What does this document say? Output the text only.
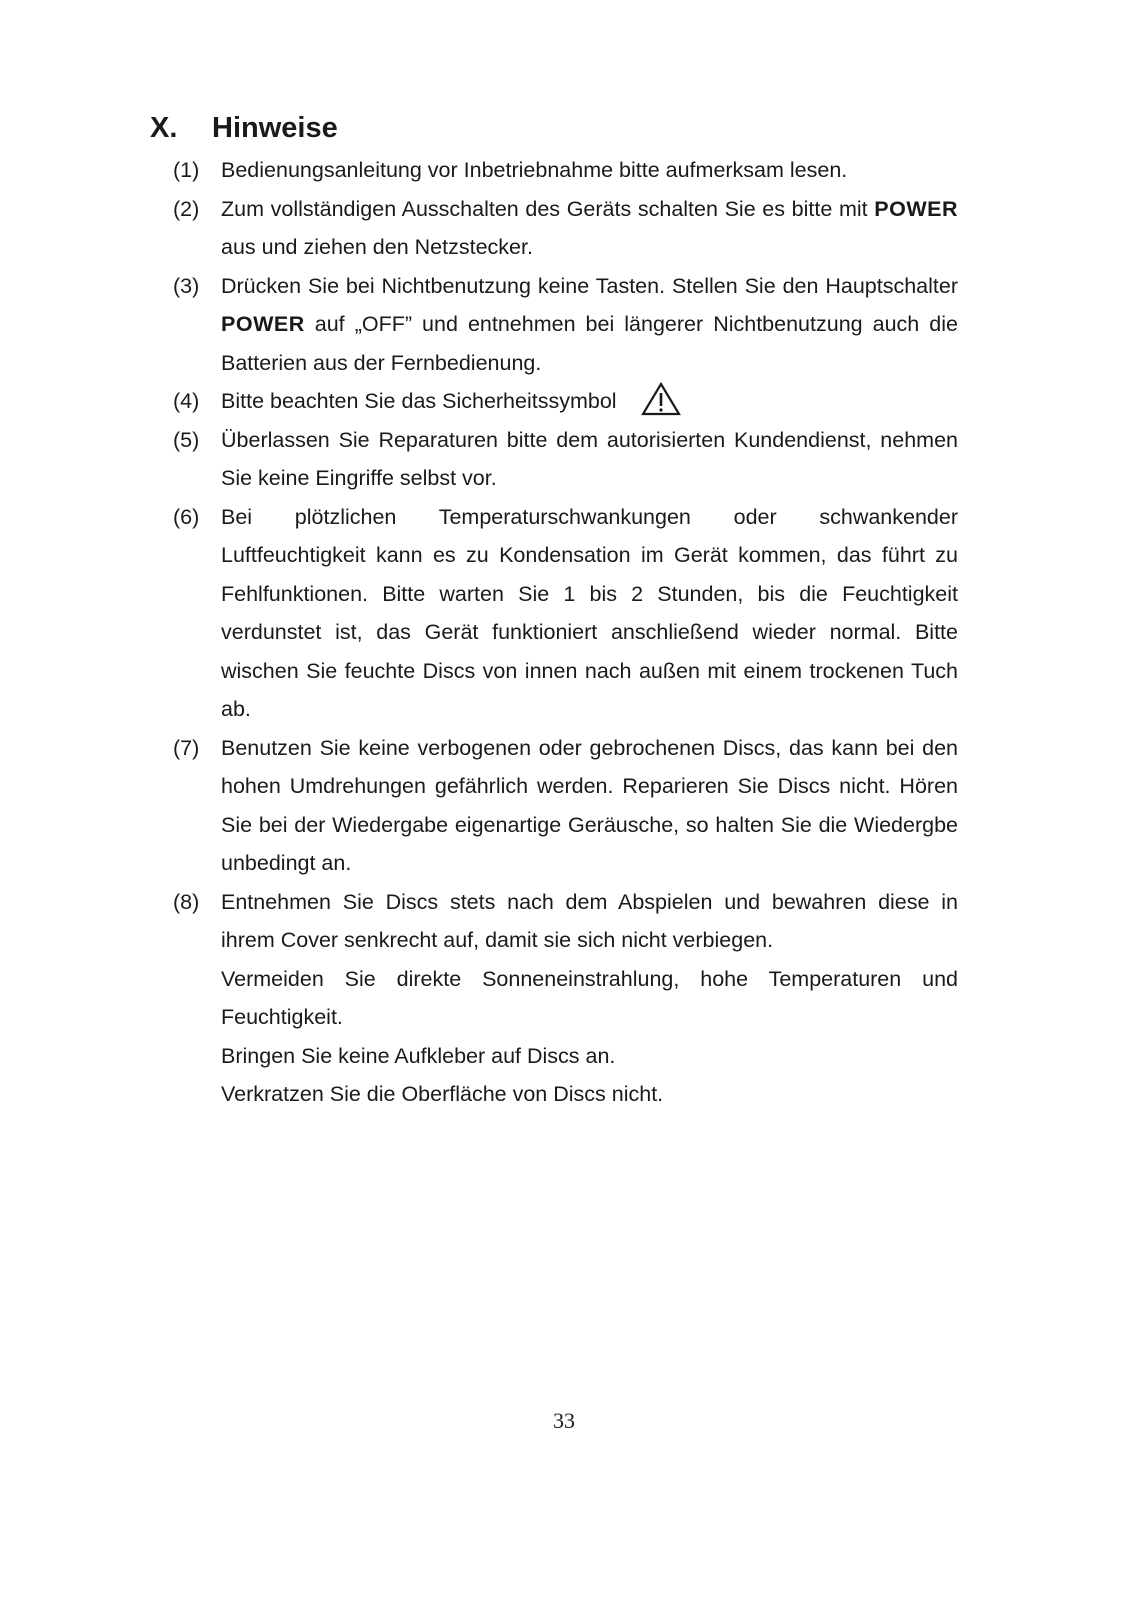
X. Hinweise
(1)	Bedienungsanleitung vor Inbetriebnahme bitte aufmerksam lesen.
(2)	Zum vollständigen Ausschalten des Geräts schalten Sie es bitte mit POWER aus und ziehen den Netzstecker.
(3)	Drücken Sie bei Nichtbenutzung keine Tasten. Stellen Sie den Hauptschalter POWER auf „OFF” und entnehmen bei längerer Nichtbenutzung auch die Batterien aus der Fernbedienung.
(4)	Bitte beachten Sie das Sicherheitssymbol
(5)	Überlassen Sie Reparaturen bitte dem autorisierten Kundendienst, nehmen Sie keine Eingriffe selbst vor.
(6)	Bei plötzlichen Temperaturschwankungen oder schwankender Luftfeuchtigkeit kann es zu Kondensation im Gerät kommen, das führt zu Fehlfunktionen. Bitte warten Sie 1 bis 2 Stunden, bis die Feuchtigkeit verdunstet ist, das Gerät funktioniert anschließend wieder normal. Bitte wischen Sie feuchte Discs von innen nach außen mit einem trockenen Tuch ab.
(7)	Benutzen Sie keine verbogenen oder gebrochenen Discs, das kann bei den hohen Umdrehungen gefährlich werden. Reparieren Sie Discs nicht. Hören Sie bei der Wiedergabe eigenartige Geräusche, so halten Sie die Wiedergbe unbedingt an.
(8)	Entnehmen Sie Discs stets nach dem Abspielen und bewahren diese in ihrem Cover senkrecht auf, damit sie sich nicht verbiegen.

Vermeiden Sie direkte Sonneneinstrahlung, hohe Temperaturen und Feuchtigkeit.

Bringen Sie keine Aufkleber auf Discs an.

Verkratzen Sie die Oberfläche von Discs nicht.

33
